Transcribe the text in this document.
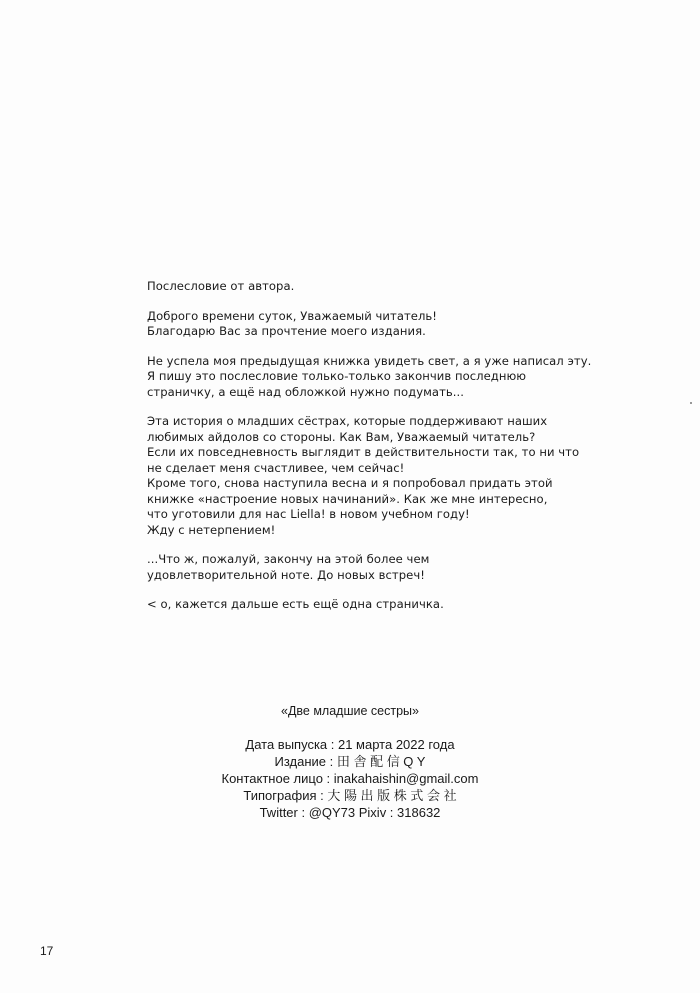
Послесловие от автора.

Доброго времени суток, Уважаемый читатель!
Благодарю Вас за прочтение моего издания.

Не успела моя предыдущая книжка увидеть свет, а я уже написал эту.
Я пишу это послесловие только-только закончив последнюю
страничку, а ещё над обложкой нужно подумать...

Эта история о младших сёстрах, которые поддерживают наших
любимых айдолов со стороны. Как Вам, Уважаемый читатель?
Если их повседневность выглядит в действительности так, то ни что
не сделает меня счастливее, чем сейчас!
Кроме того, снова наступила весна и я попробовал придать этой
книжке «настроение новых начинаний». Как же мне интересно,
что уготовили для нас Liella! в новом учебном году!
Жду с нетерпением!

...Что ж, пожалуй, закончу на этой более чем
удовлетворительной ноте. До новых встреч!

< о, кажется дальше есть ещё одна страничка.

«Две младшие сестры»
Дата выпуска : 21 марта 2022 года
Издание : 田 舎 配 信 Q Y
Контактное лицо : inakahaishin@gmail.com
Типография : 大 陽 出 版 株 式 会 社
Twitter : @QY73 Pixiv : 318632
17
